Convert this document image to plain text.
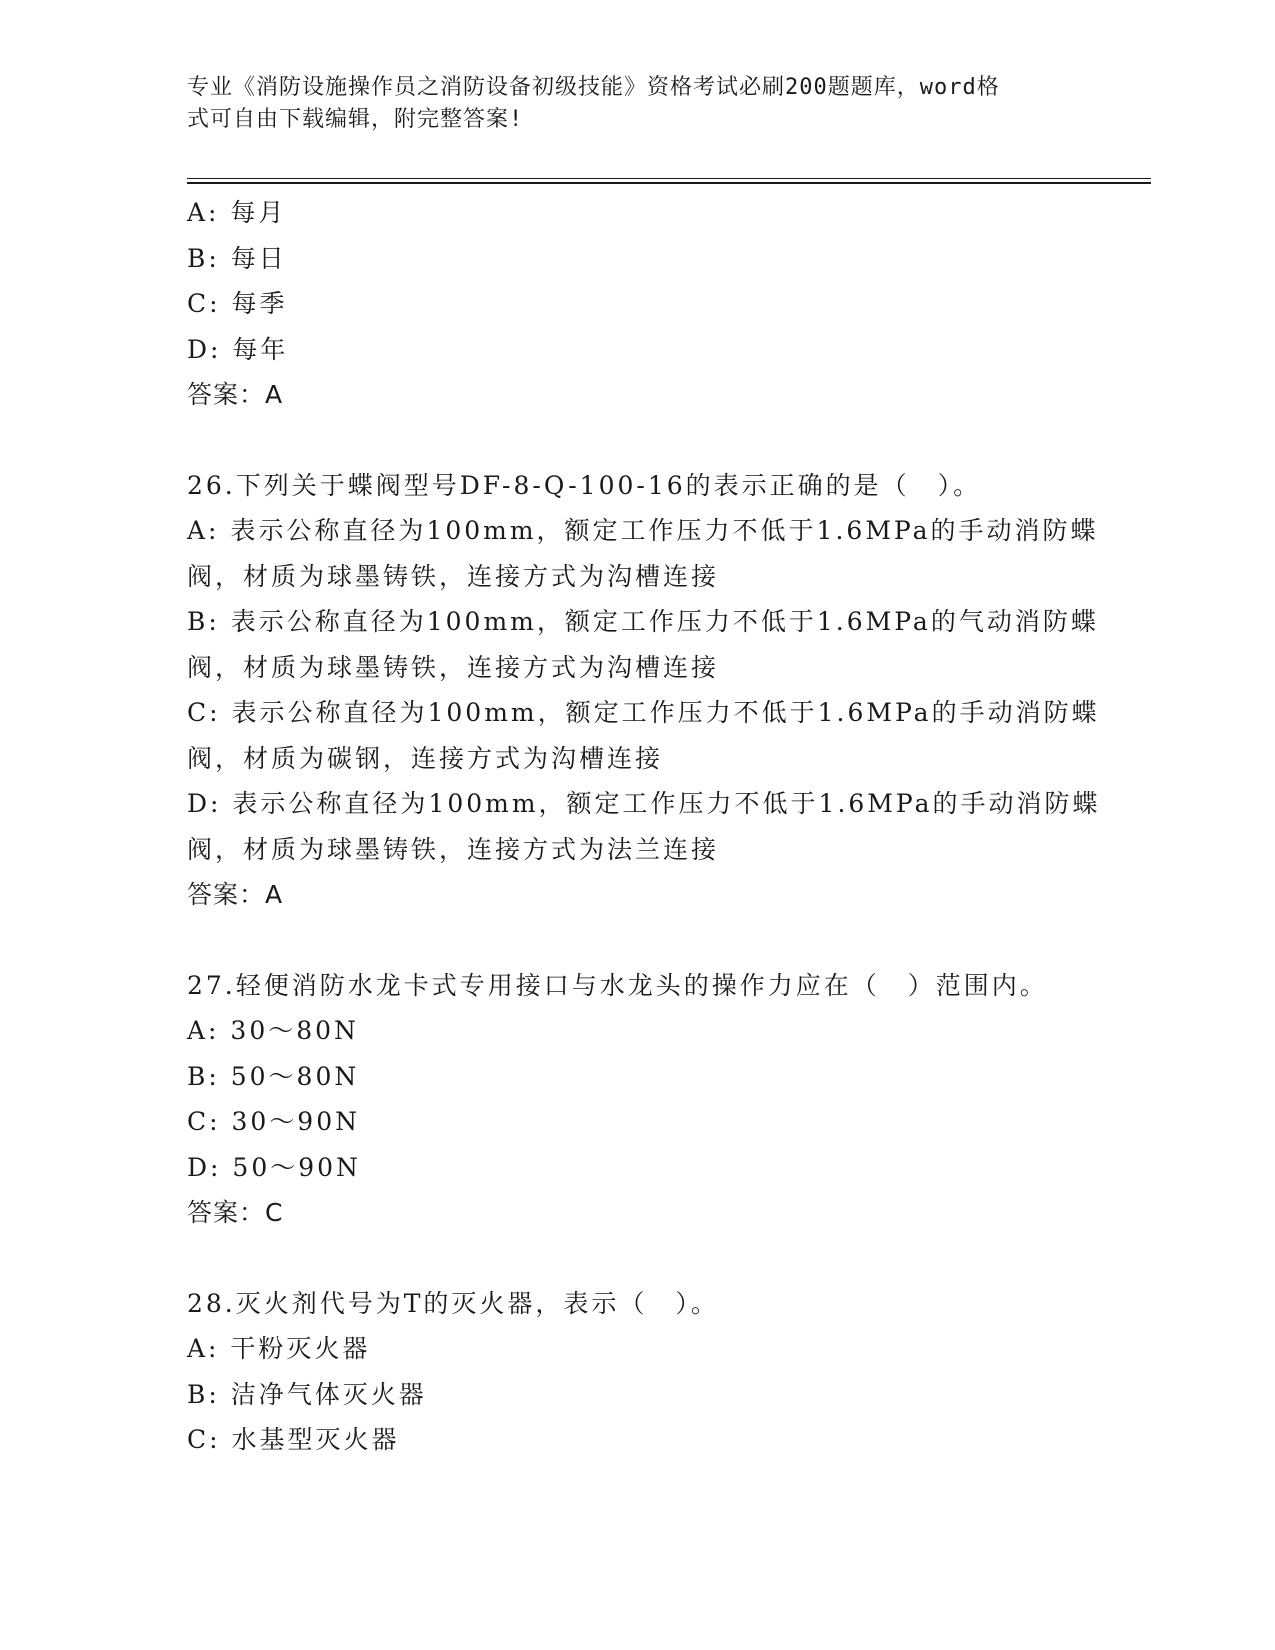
专业《消防设施操作员之消防设备初级技能》资格考试必刷200题题库，word格
式可自由下载编辑，附完整答案!
A: 每月
B: 每日
C: 每季
D: 每年
答案：A
26.下列关于蝶阀型号DF-8-Q-100-16的表示正确的是（　）。
A: 表示公称直径为100mm，额定工作压力不低于1.6MPa的手动消防蝶
阀，材质为球墨铸铁，连接方式为沟槽连接
B: 表示公称直径为100mm，额定工作压力不低于1.6MPa的气动消防蝶
阀，材质为球墨铸铁，连接方式为沟槽连接
C: 表示公称直径为100mm，额定工作压力不低于1.6MPa的手动消防蝶
阀，材质为碳钢，连接方式为沟槽连接
D: 表示公称直径为100mm，额定工作压力不低于1.6MPa的手动消防蝶
阀，材质为球墨铸铁，连接方式为法兰连接
答案：A
27.轻便消防水龙卡式专用接口与水龙头的操作力应在（　）范围内。
A: 30～80N
B: 50～80N
C: 30～90N
D: 50～90N
答案：C
28.灭火剂代号为T的灭火器，表示（　）。
A: 干粉灭火器
B: 洁净气体灭火器
C: 水基型灭火器
